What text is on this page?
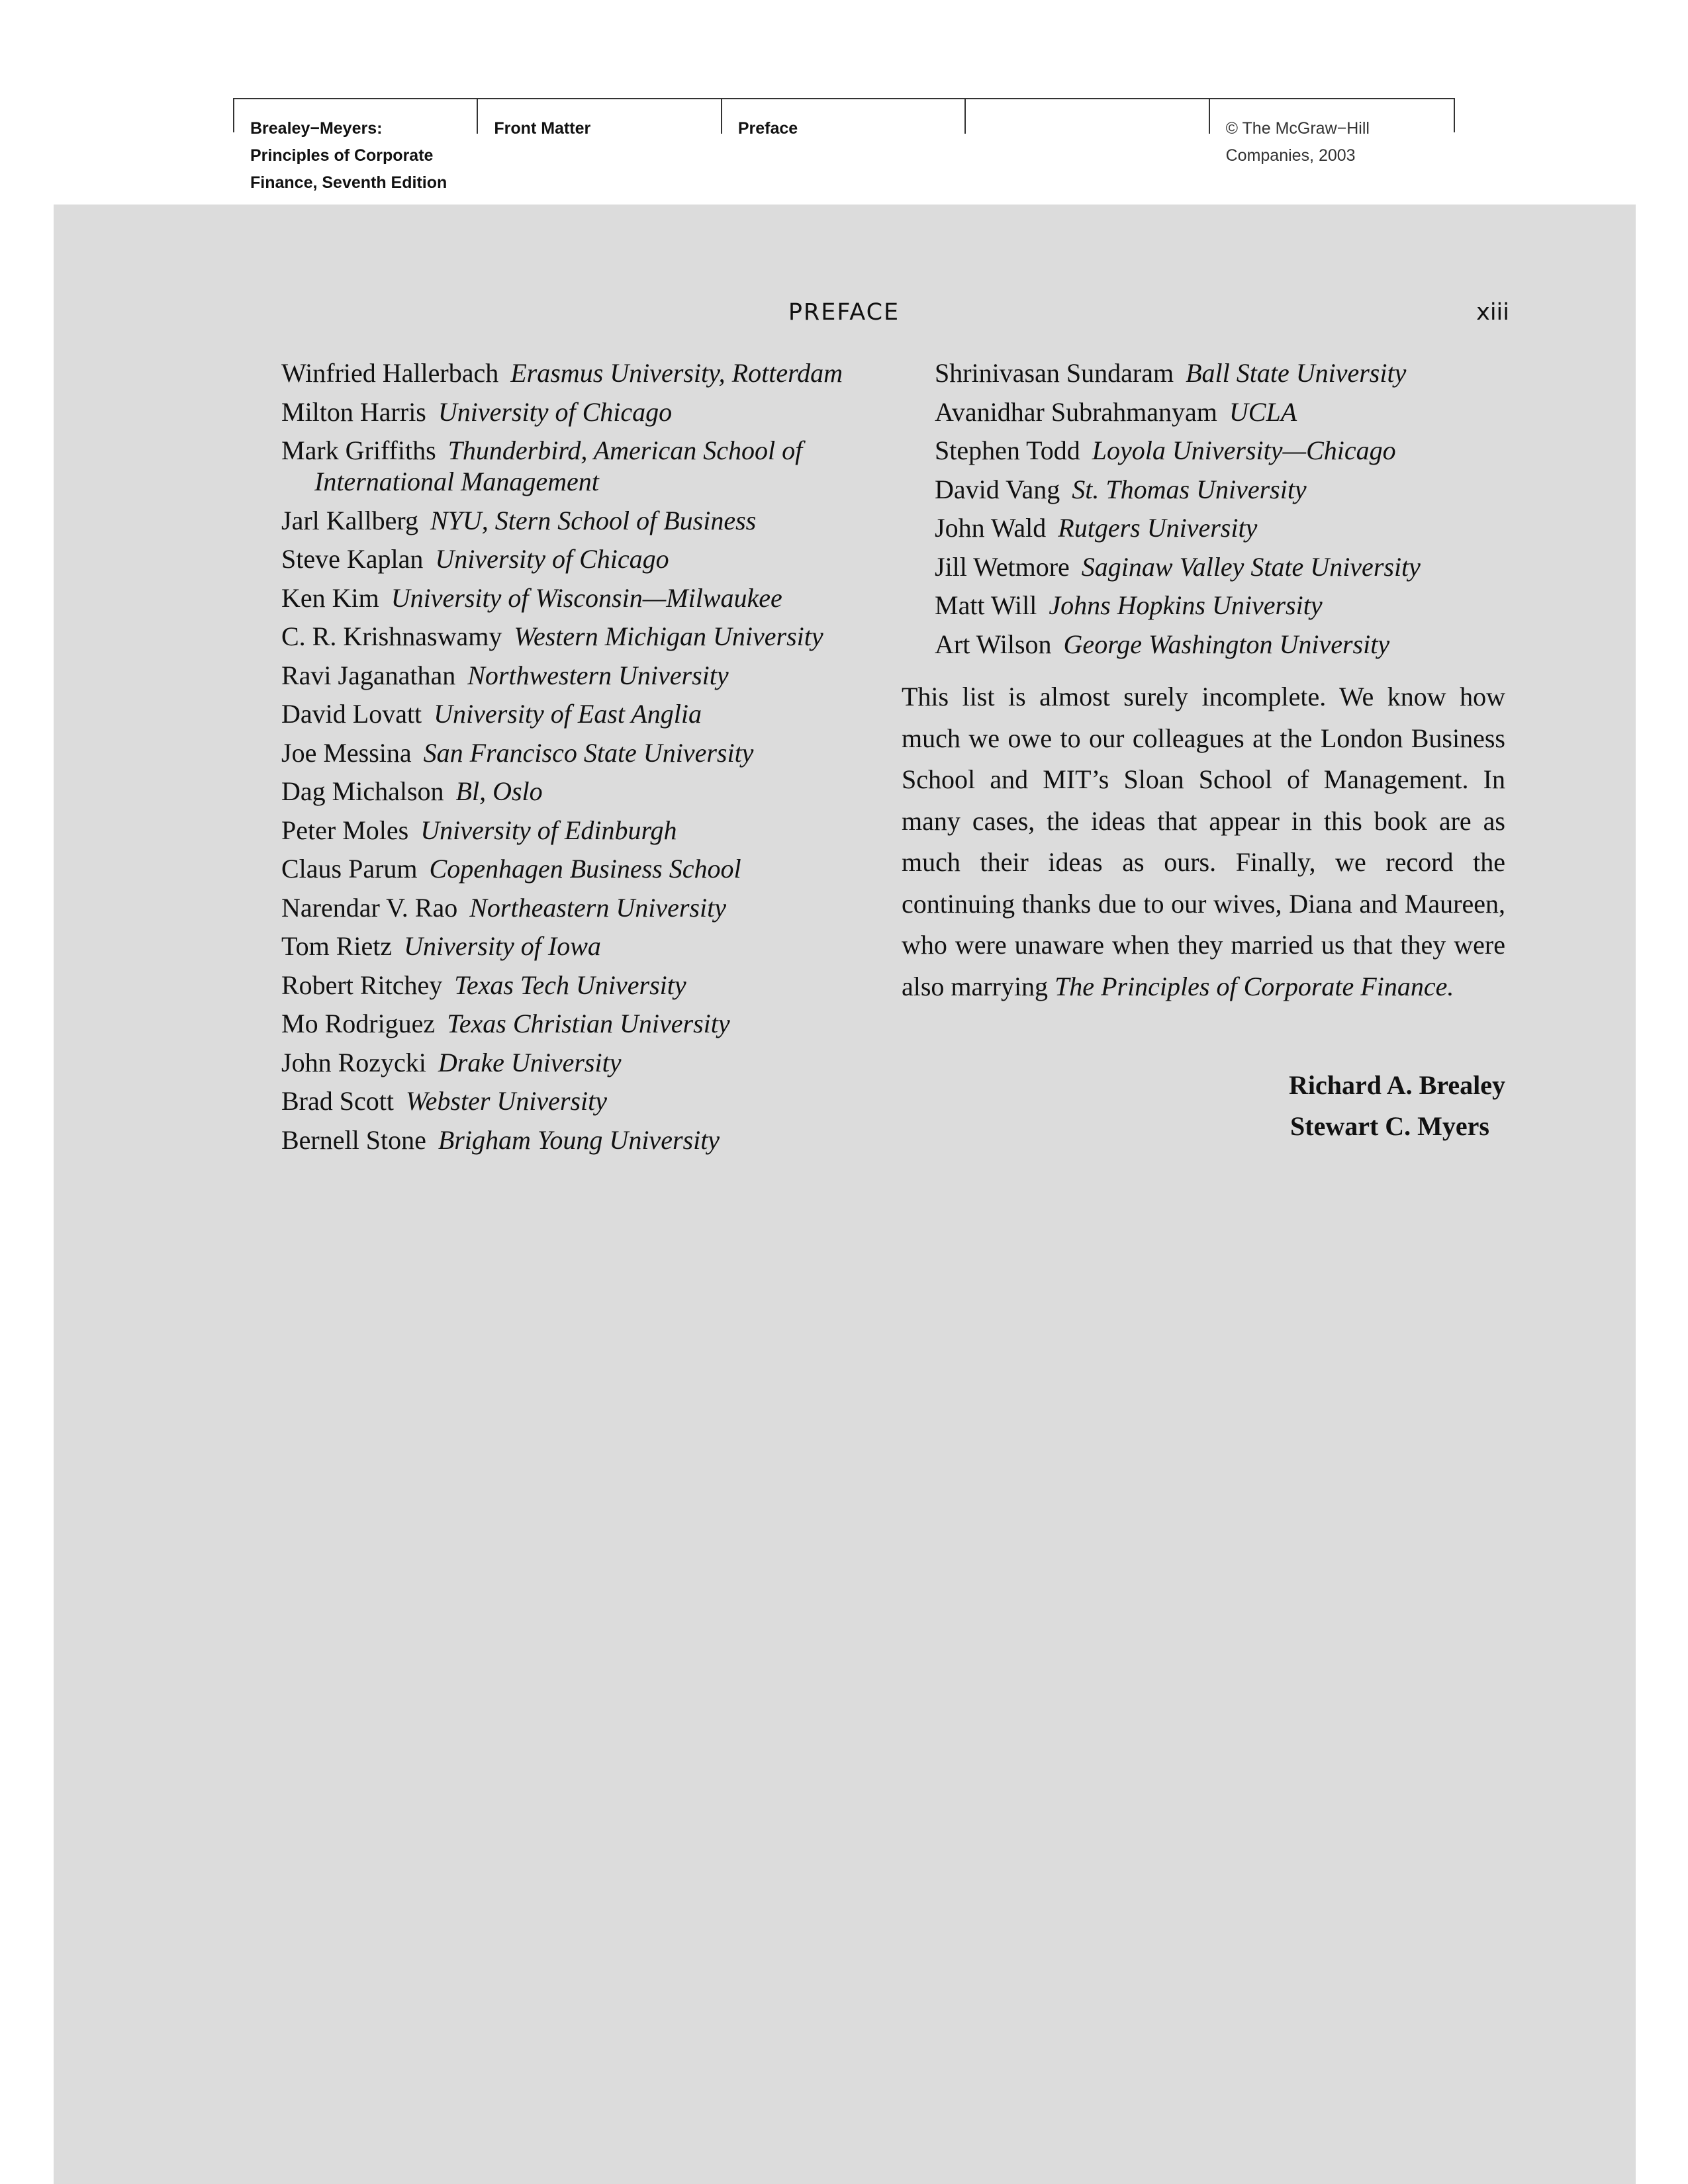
Brealey−Meyers:
Principles of Corporate
Finance, Seventh Edition
Front Matter	Preface	© The McGraw−Hill
Companies, 2003
PREFACE	xiii
Winfried Hallerbach Erasmus University, Rotterdam
Milton Harris University of Chicago
Mark Griffiths Thunderbird, American School of International Management
Jarl Kallberg NYU, Stern School of Business
Steve Kaplan University of Chicago
Ken Kim University of Wisconsin—Milwaukee
C. R. Krishnaswamy Western Michigan University
Ravi Jaganathan Northwestern University
David Lovatt University of East Anglia
Joe Messina San Francisco State University
Dag Michalson Bl, Oslo
Peter Moles University of Edinburgh
Claus Parum Copenhagen Business School
Narendar V. Rao Northeastern University
Tom Rietz University of Iowa
Robert Ritchey Texas Tech University
Mo Rodriguez Texas Christian University
John Rozycki Drake University
Brad Scott Webster University
Bernell Stone Brigham Young University
Shrinivasan Sundaram Ball State University
Avanidhar Subrahmanyam UCLA
Stephen Todd Loyola University—Chicago
David Vang St. Thomas University
John Wald Rutgers University
Jill Wetmore Saginaw Valley State University
Matt Will Johns Hopkins University
Art Wilson George Washington University

This list is almost surely incomplete. We know how much we owe to our colleagues at the London Business School and MIT’s Sloan School of Management. In many cases, the ideas that appear in this book are as much their ideas as ours. Finally, we record the continuing thanks due to our wives, Diana and Maureen, who were unaware when they married us that they were also marrying The Principles of Corporate Finance.

Richard A. Brealey
Stewart C. Myers
